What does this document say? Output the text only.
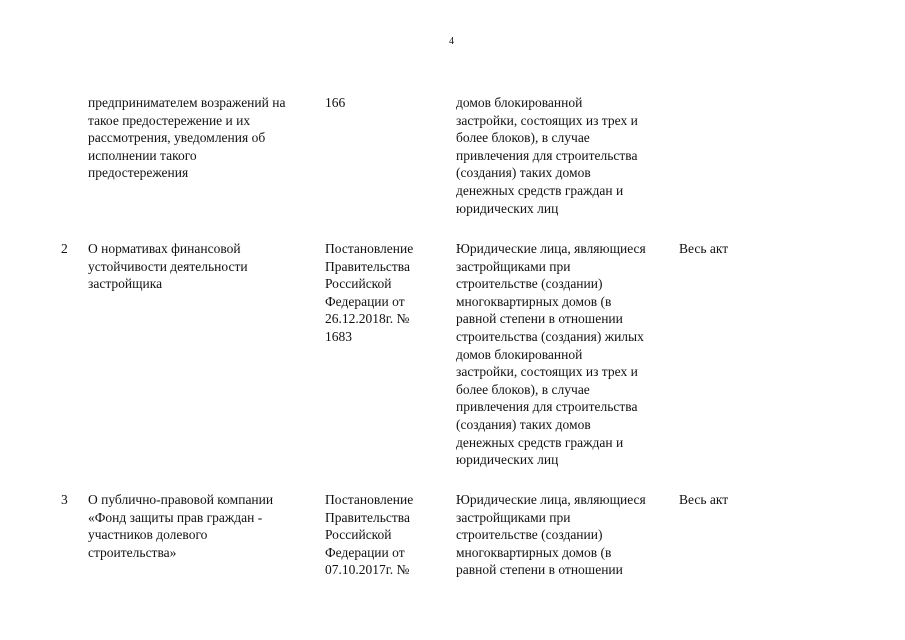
4
предпринимателем возражений на
такое предостережение и их
рассмотрения, уведомления об
исполнении такого
предостережения
166	домов блокированной
застройки, состоящих из трех и
более блоков), в случае
привлечения для строительства
(создания) таких домов
денежных средств граждан и
юридических лиц
2 О нормативах финансовой
устойчивости деятельности
застройщика
Постановление
Правительства
Российской
Федерации от
26.12.2018г. №
1683
Юридические лица, являющиеся
застройщиками при
строительстве (создании)
многоквартирных домов (в
равной степени в отношении
строительства (создания) жилых
домов блокированной
застройки, состоящих из трех и
более блоков), в случае
привлечения для строительства
(создания) таких домов
денежных средств граждан и
юридических лиц
Весь акт
3 О публично-правовой компании
«Фонд защиты прав граждан -
участников долевого
строительства»
Постановление
Правительства
Российской
Федерации от
07.10.2017г. №
Юридические лица, являющиеся
застройщиками при
строительстве (создании)
многоквартирных домов (в
равной степени в отношении
Весь акт
